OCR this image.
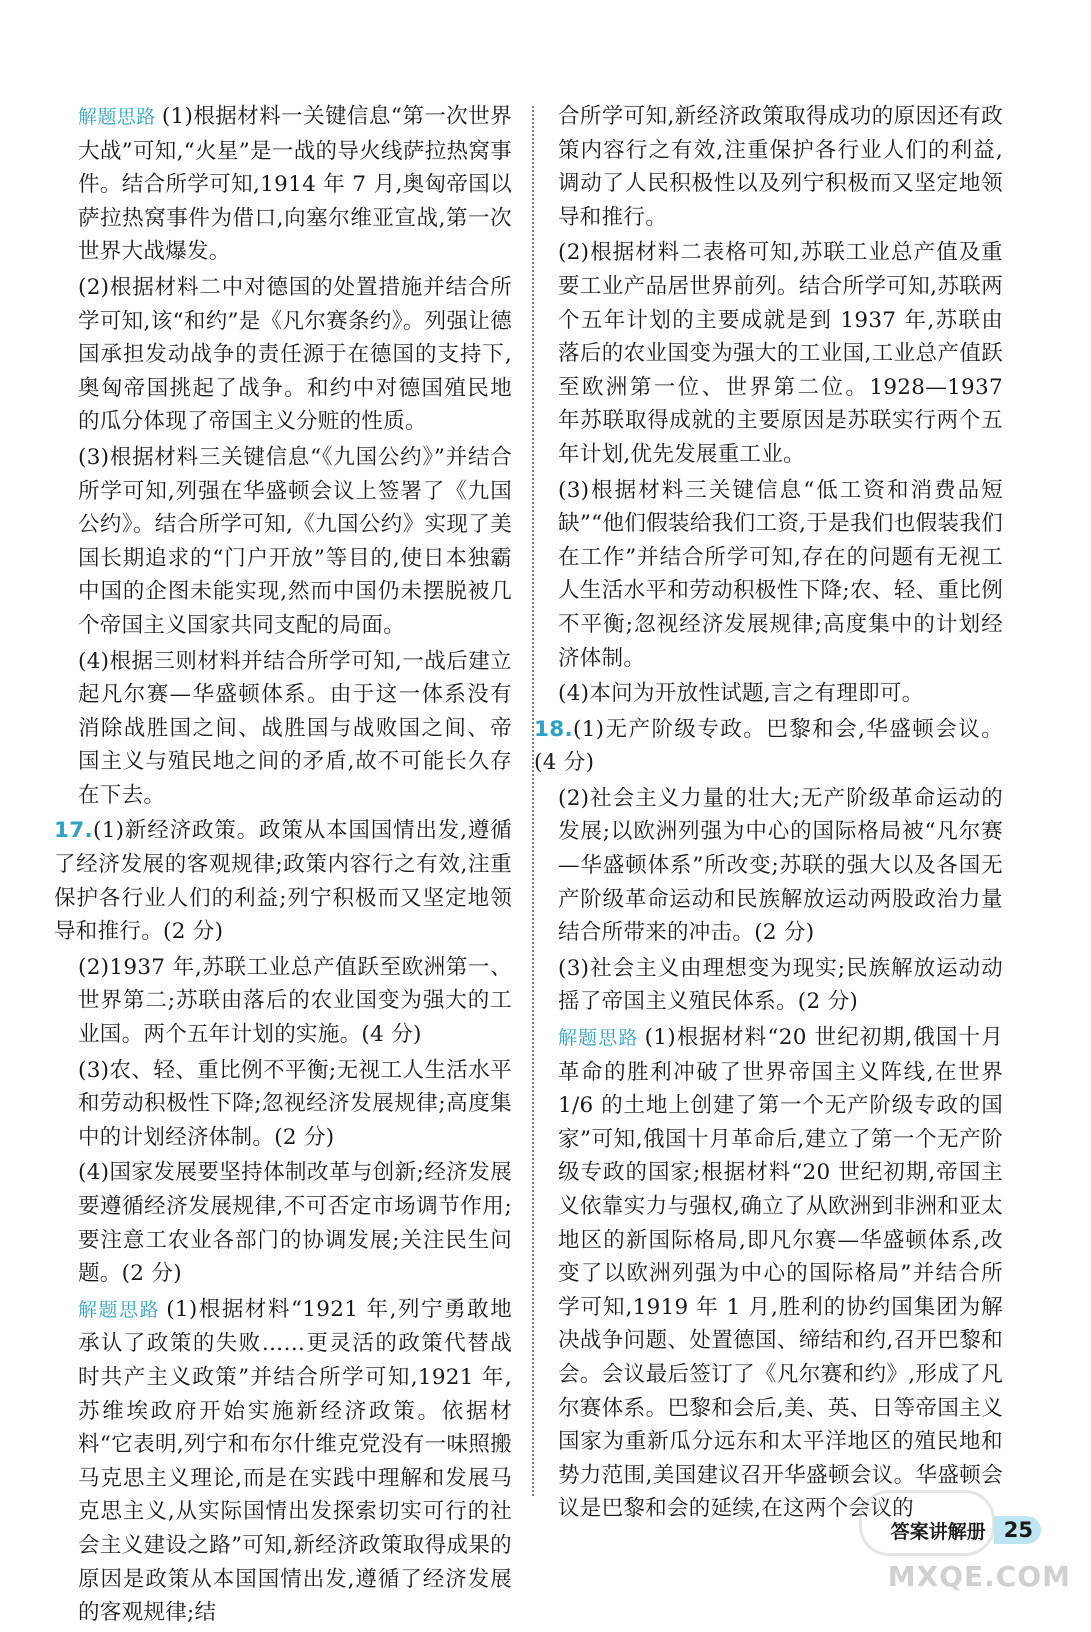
解题思路 (1)根据材料一关键信息“第一次世界大战”可知,“火星”是一战的导火线萨拉热窝事件。结合所学可知,1914 年 7 月,奥匈帝国以萨拉热窝事件为借口,向塞尔维亚宣战,第一次世界大战爆发。

(2)根据材料二中对德国的处置措施并结合所学可知,该“和约”是《凡尔赛条约》。列强让德国承担发动战争的责任源于在德国的支持下,奥匈帝国挑起了战争。和约中对德国殖民地的瓜分体现了帝国主义分赃的性质。

(3)根据材料三关键信息“《九国公约》”并结合所学可知,列强在华盛顿会议上签署了《九国公约》。结合所学可知,《九国公约》实现了美国长期追求的“门户开放”等目的,使日本独霸中国的企图未能实现,然而中国仍未摆脱被几个帝国主义国家共同支配的局面。

(4)根据三则材料并结合所学可知,一战后建立起凡尔赛—华盛顿体系。由于这一体系没有消除战胜国之间、战胜国与战败国之间、帝国主义与殖民地之间的矛盾,故不可能长久存在下去。

17.(1)新经济政策。政策从本国国情出发,遵循了经济发展的客观规律;政策内容行之有效,注重保护各行业人们的利益;列宁积极而又坚定地领导和推行。(2 分)

(2)1937 年,苏联工业总产值跃至欧洲第一、世界第二;苏联由落后的农业国变为强大的工业国。两个五年计划的实施。(4 分)

(3)农、轻、重比例不平衡;无视工人生活水平和劳动积极性下降;忽视经济发展规律;高度集中的计划经济体制。(2 分)

(4)国家发展要坚持体制改革与创新;经济发展要遵循经济发展规律,不可否定市场调节作用;要注意工农业各部门的协调发展;关注民生问题。(2 分)

解题思路 (1)根据材料“1921 年,列宁勇敢地承认了政策的失败……更灵活的政策代替战时共产主义政策”并结合所学可知,1921 年,苏维埃政府开始实施新经济政策。依据材料“它表明,列宁和布尔什维克党没有一味照搬马克思主义理论,而是在实践中理解和发展马克思主义,从实际国情出发探索切实可行的社会主义建设之路”可知,新经济政策取得成果的原因是政策从本国国情出发,遵循了经济发展的客观规律;结

合所学可知,新经济政策取得成功的原因还有政策内容行之有效,注重保护各行业人们的利益,调动了人民积极性以及列宁积极而又坚定地领导和推行。

(2)根据材料二表格可知,苏联工业总产值及重要工业产品居世界前列。结合所学可知,苏联两个五年计划的主要成就是到 1937 年,苏联由落后的农业国变为强大的工业国,工业总产值跃至欧洲第一位、世界第二位。1928—1937 年苏联取得成就的主要原因是苏联实行两个五年计划,优先发展重工业。

(3)根据材料三关键信息“低工资和消费品短缺”“他们假装给我们工资,于是我们也假装我们在工作”并结合所学可知,存在的问题有无视工人生活水平和劳动积极性下降;农、轻、重比例不平衡;忽视经济发展规律;高度集中的计划经济体制。

(4)本问为开放性试题,言之有理即可。

18.(1)无产阶级专政。巴黎和会,华盛顿会议。(4 分)

(2)社会主义力量的壮大;无产阶级革命运动的发展;以欧洲列强为中心的国际格局被“凡尔赛—华盛顿体系”所改变;苏联的强大以及各国无产阶级革命运动和民族解放运动两股政治力量结合所带来的冲击。(2 分)

(3)社会主义由理想变为现实;民族解放运动动摇了帝国主义殖民体系。(2 分)

解题思路 (1)根据材料“20 世纪初期,俄国十月革命的胜利冲破了世界帝国主义阵线,在世界 1/6 的土地上创建了第一个无产阶级专政的国家”可知,俄国十月革命后,建立了第一个无产阶级专政的国家;根据材料“20 世纪初期,帝国主义依靠实力与强权,确立了从欧洲到非洲和亚太地区的新国际格局,即凡尔赛—华盛顿体系,改变了以欧洲列强为中心的国际格局”并结合所学可知,1919 年 1 月,胜利的协约国集团为解决战争问题、处置德国、缔结和约,召开巴黎和会。会议最后签订了《凡尔赛和约》,形成了凡尔赛体系。巴黎和会后,美、英、日等帝国主义国家为重新瓜分远东和太平洋地区的殖民地和势力范围,美国建议召开华盛顿会议。华盛顿会议是巴黎和会的延续,在这两个会议的

答案讲解册 25
MXQE.COM
